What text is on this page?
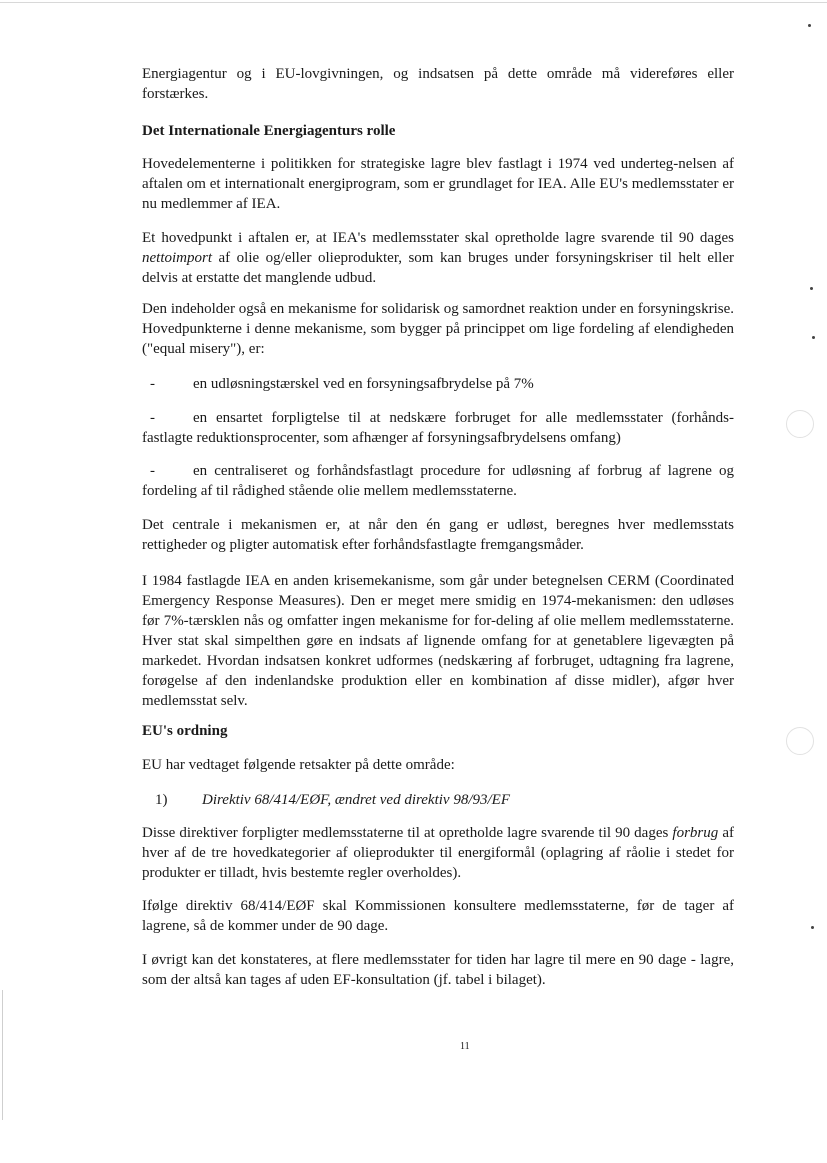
Energiagentur og i EU-lovgivningen, og indsatsen på dette område må videreføres eller forstærkes.

Det Internationale Energiagenturs rolle

Hovedelementerne i politikken for strategiske lagre blev fastlagt i 1974 ved underteg-nelsen af aftalen om et internationalt energiprogram, som er grundlaget for IEA. Alle EU's medlemsstater er nu medlemmer af IEA.

Et hovedpunkt i aftalen er, at IEA's medlemsstater skal opretholde lagre svarende til 90 dages nettoimport af olie og/eller olieprodukter, som kan bruges under forsyningskriser til helt eller delvis at erstatte det manglende udbud.

Den indeholder også en mekanisme for solidarisk og samordnet reaktion under en forsyningskrise. Hovedpunkterne i denne mekanisme, som bygger på princippet om lige fordeling af elendigheden ("equal misery"), er:

-	en udløsningstærskel ved en forsyningsafbrydelse på 7%
-	en ensartet forpligtelse til at nedskære forbruget for alle medlemsstater (forhånds-fastlagte reduktionsprocenter, som afhænger af forsyningsafbrydelsens omfang)

-	en centraliseret og forhåndsfastlagt procedure for udløsning af forbrug af lagrene og fordeling af til rådighed stående olie mellem medlemsstaterne.

Det centrale i mekanismen er, at når den én gang er udløst, beregnes hver medlemsstats rettigheder og pligter automatisk efter forhåndsfastlagte fremgangsmåder.

I 1984 fastlagde IEA en anden krisemekanisme, som går under betegnelsen CERM (Coordinated Emergency Response Measures). Den er meget mere smidig en 1974-mekanismen: den udløses før 7%-tærsklen nås og omfatter ingen mekanisme for for-deling af olie mellem medlemsstaterne. Hver stat skal simpelthen gøre en indsats af lignende omfang for at genetablere ligevægten på markedet. Hvordan indsatsen konkret udformes (nedskæring af forbruget, udtagning fra lagrene, forøgelse af den indenlandske produktion eller en kombination af disse midler), afgør hver medlemsstat selv.

EU's ordning

EU har vedtaget følgende retsakter på dette område:

1) Direktiv 68/414/EØF, ændret ved direktiv 98/93/EF

Disse direktiver forpligter medlemsstaterne til at opretholde lagre svarende til 90 dages forbrug af hver af de tre hovedkategorier af olieprodukter til energiformål (oplagring af råolie i stedet for produkter er tilladt, hvis bestemte regler overholdes).

Ifølge direktiv 68/414/EØF skal Kommissionen konsultere medlemsstaterne, før de tager af lagrene, så de kommer under de 90 dage.

I øvrigt kan det konstateres, at flere medlemsstater for tiden har lagre til mere en 90 dage - lagre, som der altså kan tages af uden EF-konsultation (jf. tabel i bilaget).

11
